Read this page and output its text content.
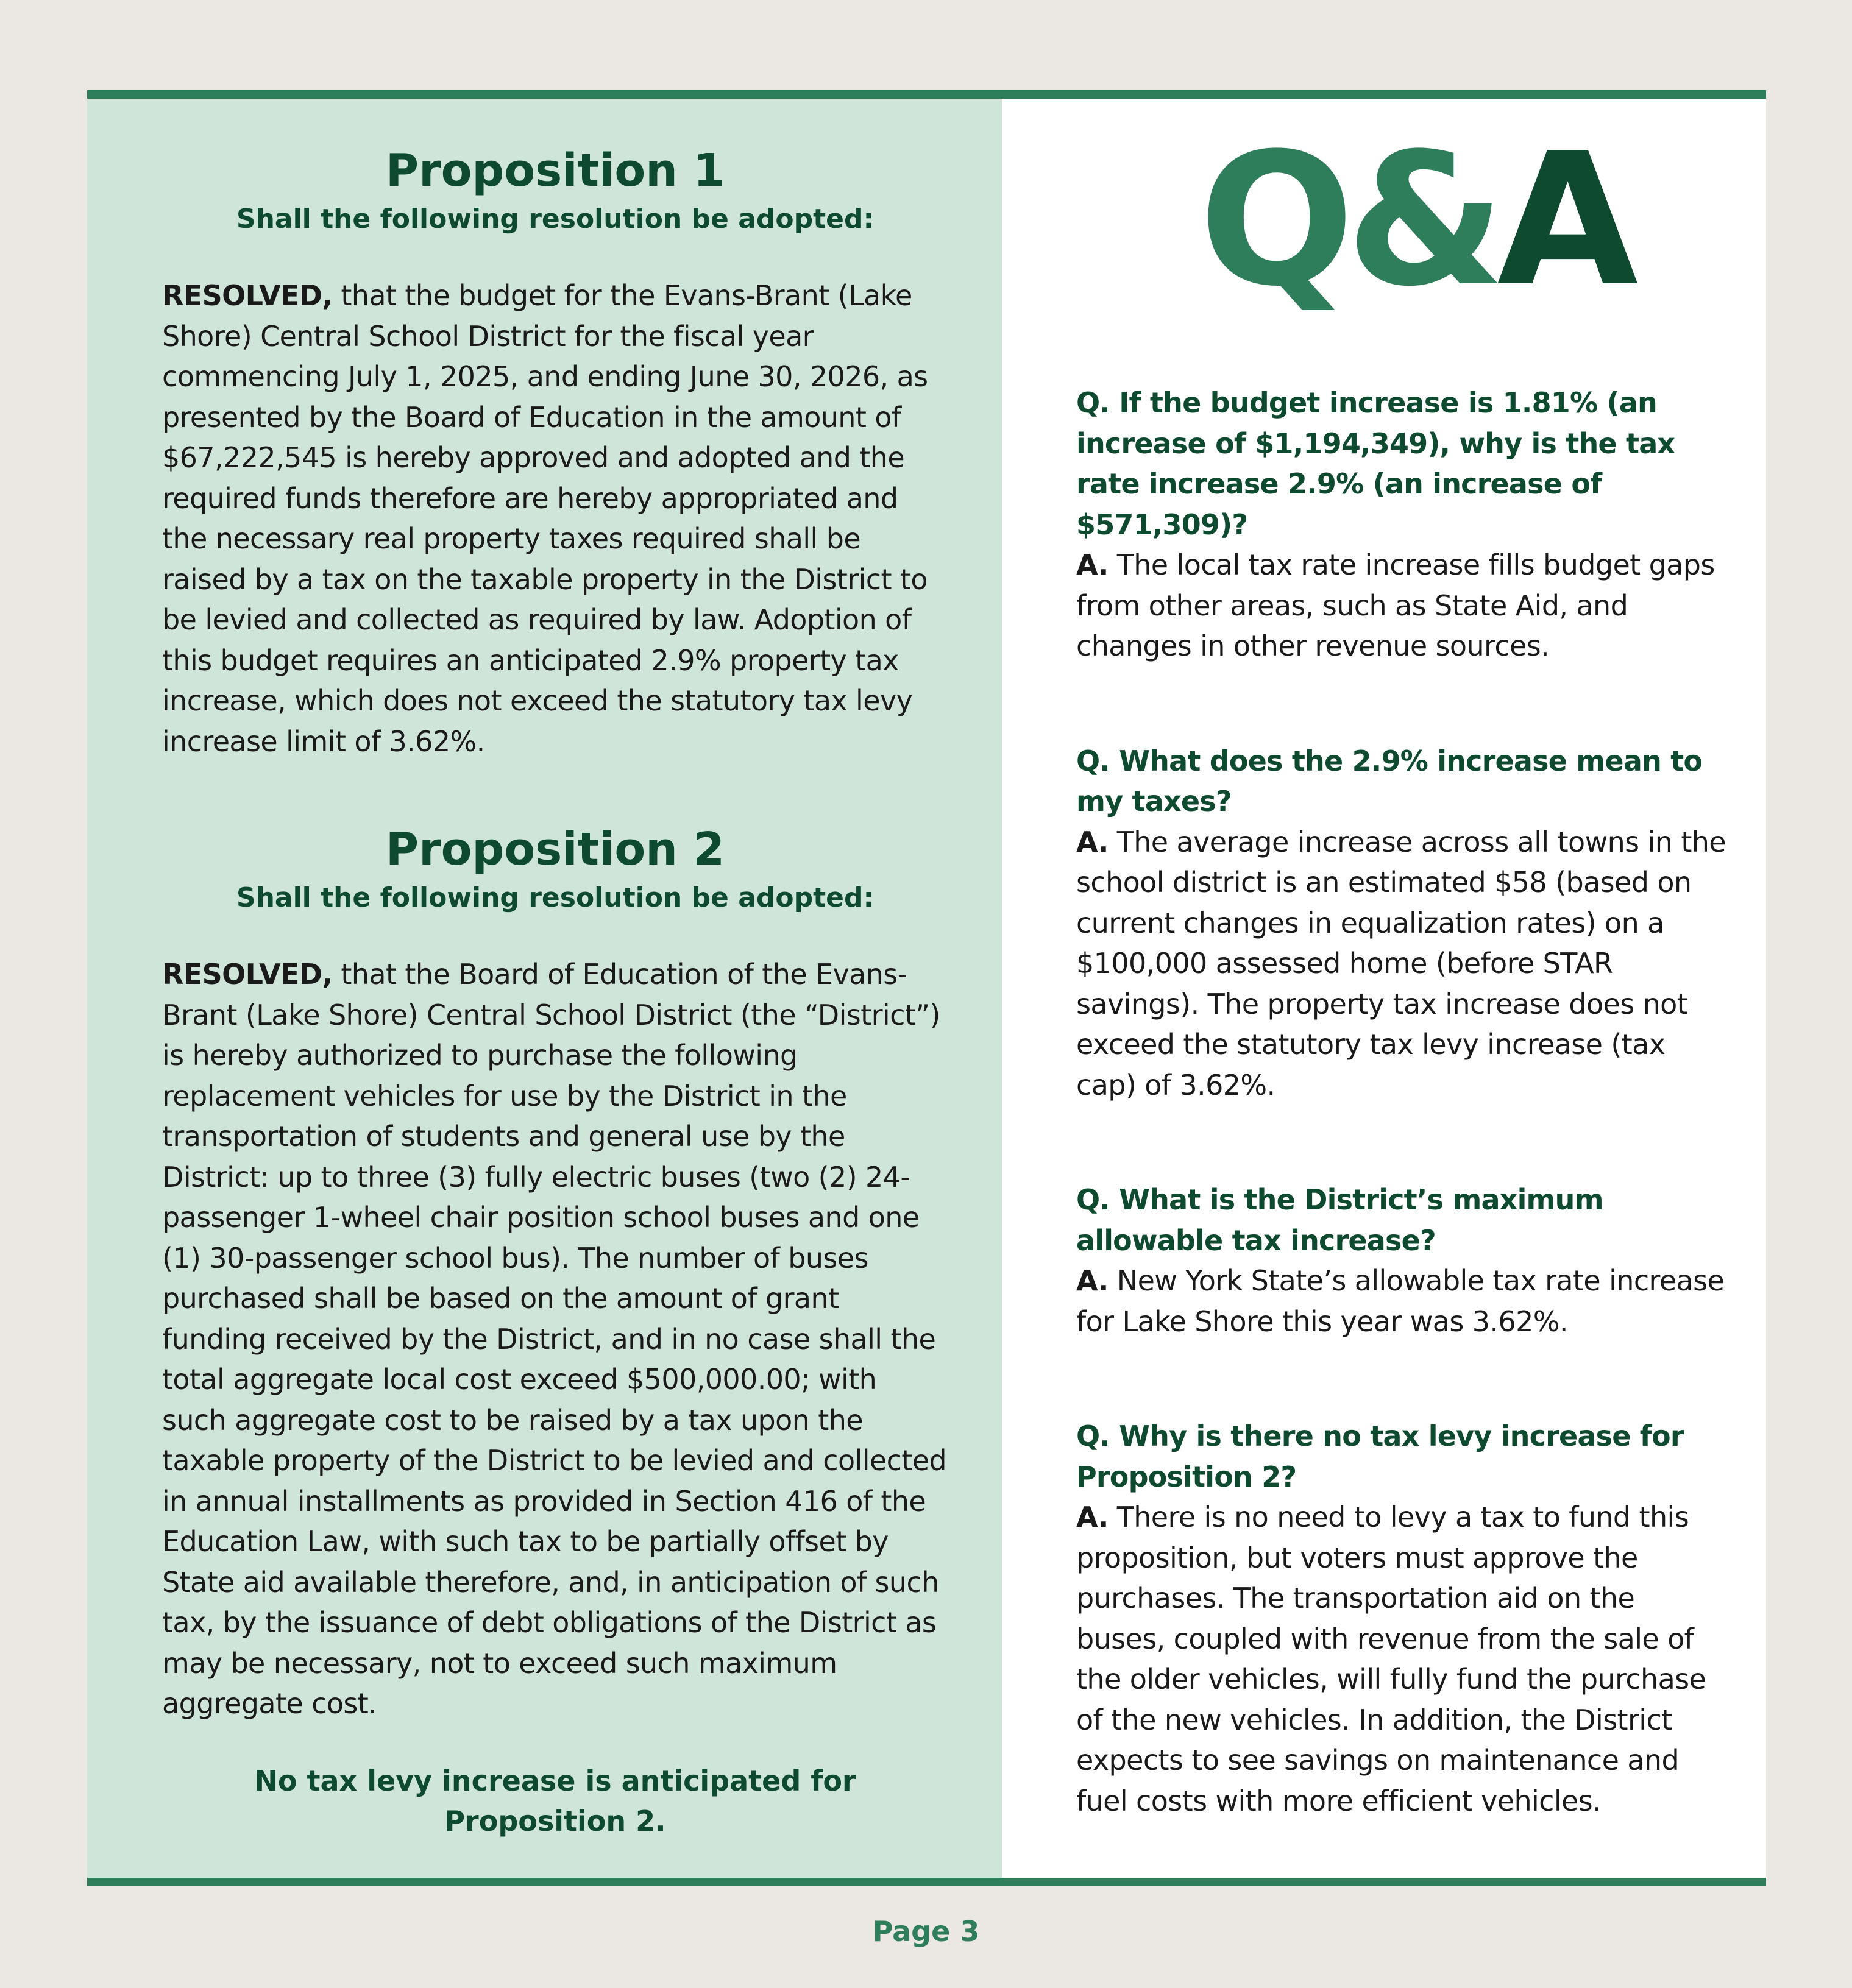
Proposition 1

Shall the following resolution be adopted:

RESOLVED, that the budget for the Evans-Brant (Lake Shore) Central School District for the fiscal year commencing July 1, 2025, and ending June 30, 2026, as presented by the Board of Education in the amount of $67,222,545 is hereby approved and adopted and the required funds therefore are hereby appropriated and the necessary real property taxes required shall be raised by a tax on the taxable property in the District to be levied and collected as required by law. Adoption of this budget requires an anticipated 2.9% property tax increase, which does not exceed the statutory tax levy increase limit of 3.62%.

Proposition 2

Shall the following resolution be adopted:

RESOLVED, that the Board of Education of the Evans-Brant (Lake Shore) Central School District (the “District”) is hereby authorized to purchase the following replacement vehicles for use by the District in the transportation of students and general use by the District: up to three (3) fully electric buses (two (2) 24-passenger 1-wheel chair position school buses and one (1) 30-passenger school bus). The number of buses purchased shall be based on the amount of grant funding received by the District, and in no case shall the total aggregate local cost exceed $500,000.00; with such aggregate cost to be raised by a tax upon the taxable property of the District to be levied and collected in annual installments as provided in Section 416 of the Education Law, with such tax to be partially offset by State aid available therefore, and, in anticipation of such tax, by the issuance of debt obligations of the District as may be necessary, not to exceed such maximum aggregate cost.

No tax levy increase is anticipated for Proposition 2.

Q&A

Q. If the budget increase is 1.81% (an increase of $1,194,349), why is the tax rate increase 2.9% (an increase of $571,309)?

A. The local tax rate increase fills budget gaps from other areas, such as State Aid, and changes in other revenue sources.

Q. What does the 2.9% increase mean to my taxes?

A. The average increase across all towns in the school district is an estimated $58 (based on current changes in equalization rates) on a $100,000 assessed home (before STAR savings). The property tax increase does not exceed the statutory tax levy increase (tax cap) of 3.62%.

Q. What is the District’s maximum allowable tax increase?

A. New York State’s allowable tax rate increase for Lake Shore this year was 3.62%.

Q. Why is there no tax levy increase for Proposition 2?

A. There is no need to levy a tax to fund this proposition, but voters must approve the purchases. The transportation aid on the buses, coupled with revenue from the sale of the older vehicles, will fully fund the purchase of the new vehicles. In addition, the District expects to see savings on maintenance and fuel costs with more efficient vehicles.

Page 3
